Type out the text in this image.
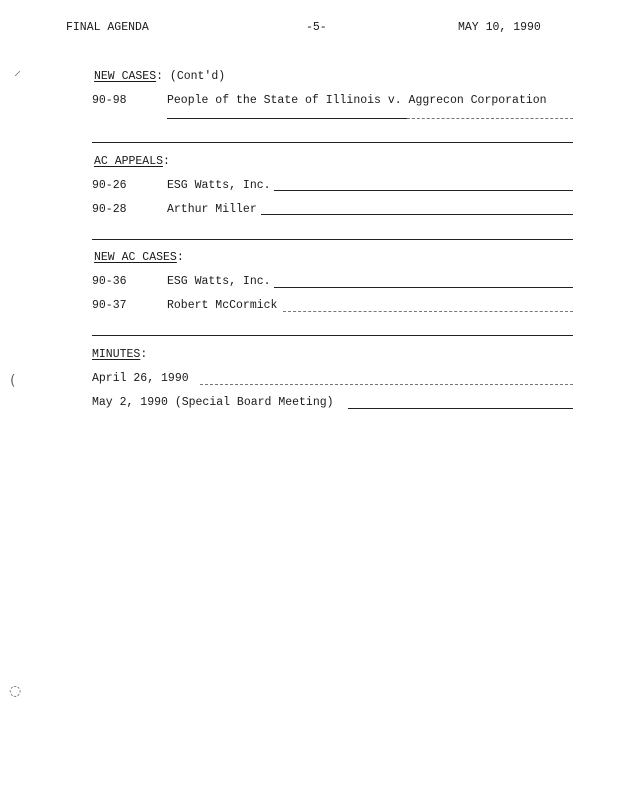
⸝
(
◌
FINAL AGENDA	-5-	MAY 10, 1990
NEW CASES: (Cont'd)
90-98	People of the State of Illinois v. Aggrecon Corporation
AC APPEALS:
90-26	ESG Watts, Inc.
90-28	Arthur Miller
NEW AC CASES:
90-36	ESG Watts, Inc.
90-37	Robert McCormick
MINUTES:
April 26, 1990
May 2, 1990 (Special Board Meeting)
